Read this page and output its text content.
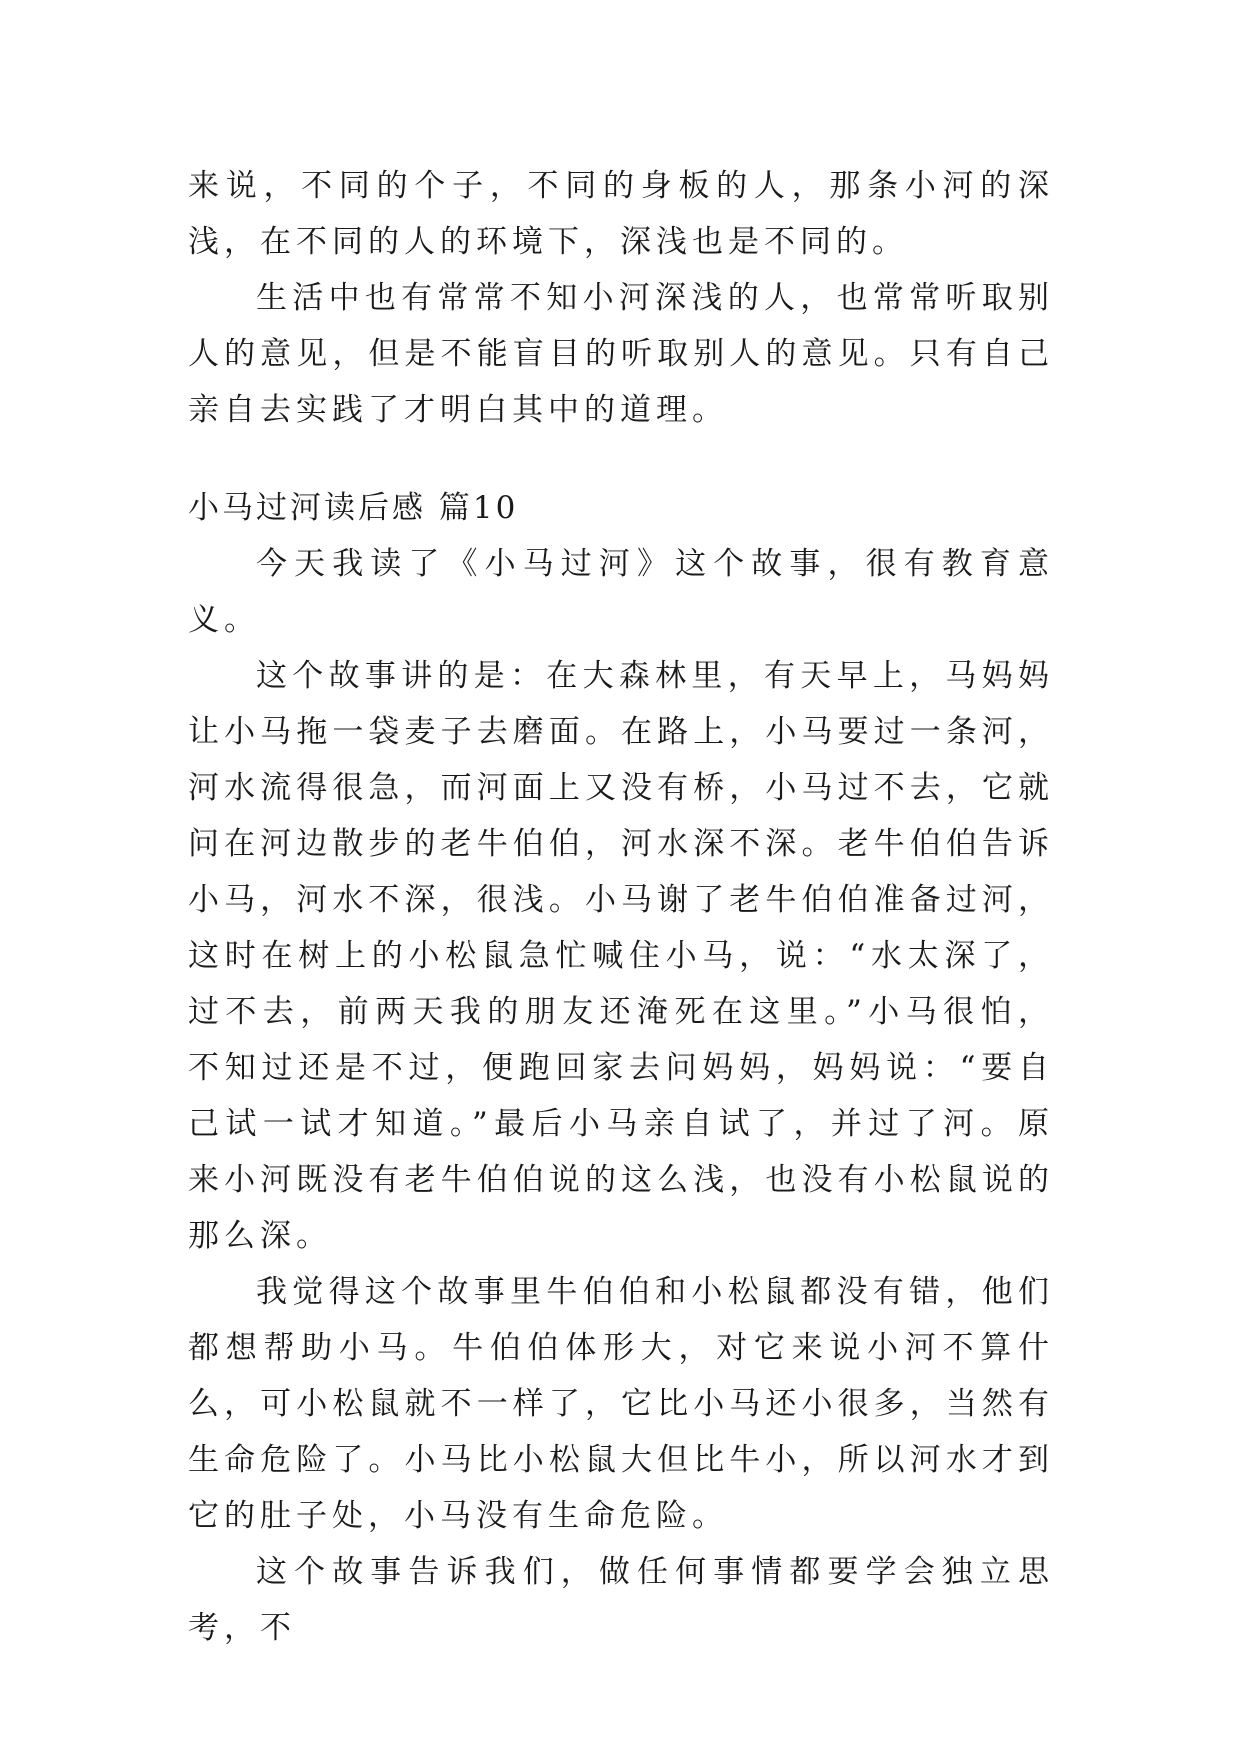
来说，不同的个子，不同的身板的人，那条小河的深浅，在不同的人的环境下，深浅也是不同的。

生活中也有常常不知小河深浅的人，也常常听取别人的意见，但是不能盲目的听取别人的意见。只有自己亲自去实践了才明白其中的道理。

小马过河读后感 篇10

今天我读了《小马过河》这个故事，很有教育意义。

这个故事讲的是：在大森林里，有天早上，马妈妈让小马拖一袋麦子去磨面。在路上，小马要过一条河，河水流得很急，而河面上又没有桥，小马过不去，它就问在河边散步的老牛伯伯，河水深不深。老牛伯伯告诉小马，河水不深，很浅。小马谢了老牛伯伯准备过河，这时在树上的小松鼠急忙喊住小马，说：“水太深了，过不去，前两天我的朋友还淹死在这里。”小马很怕，不知过还是不过，便跑回家去问妈妈，妈妈说：“要自己试一试才知道。”最后小马亲自试了，并过了河。原来小河既没有老牛伯伯说的这么浅，也没有小松鼠说的那么深。

我觉得这个故事里牛伯伯和小松鼠都没有错，他们都想帮助小马。牛伯伯体形大，对它来说小河不算什么，可小松鼠就不一样了，它比小马还小很多，当然有生命危险了。小马比小松鼠大但比牛小，所以河水才到它的肚子处，小马没有生命危险。

这个故事告诉我们，做任何事情都要学会独立思考，不
